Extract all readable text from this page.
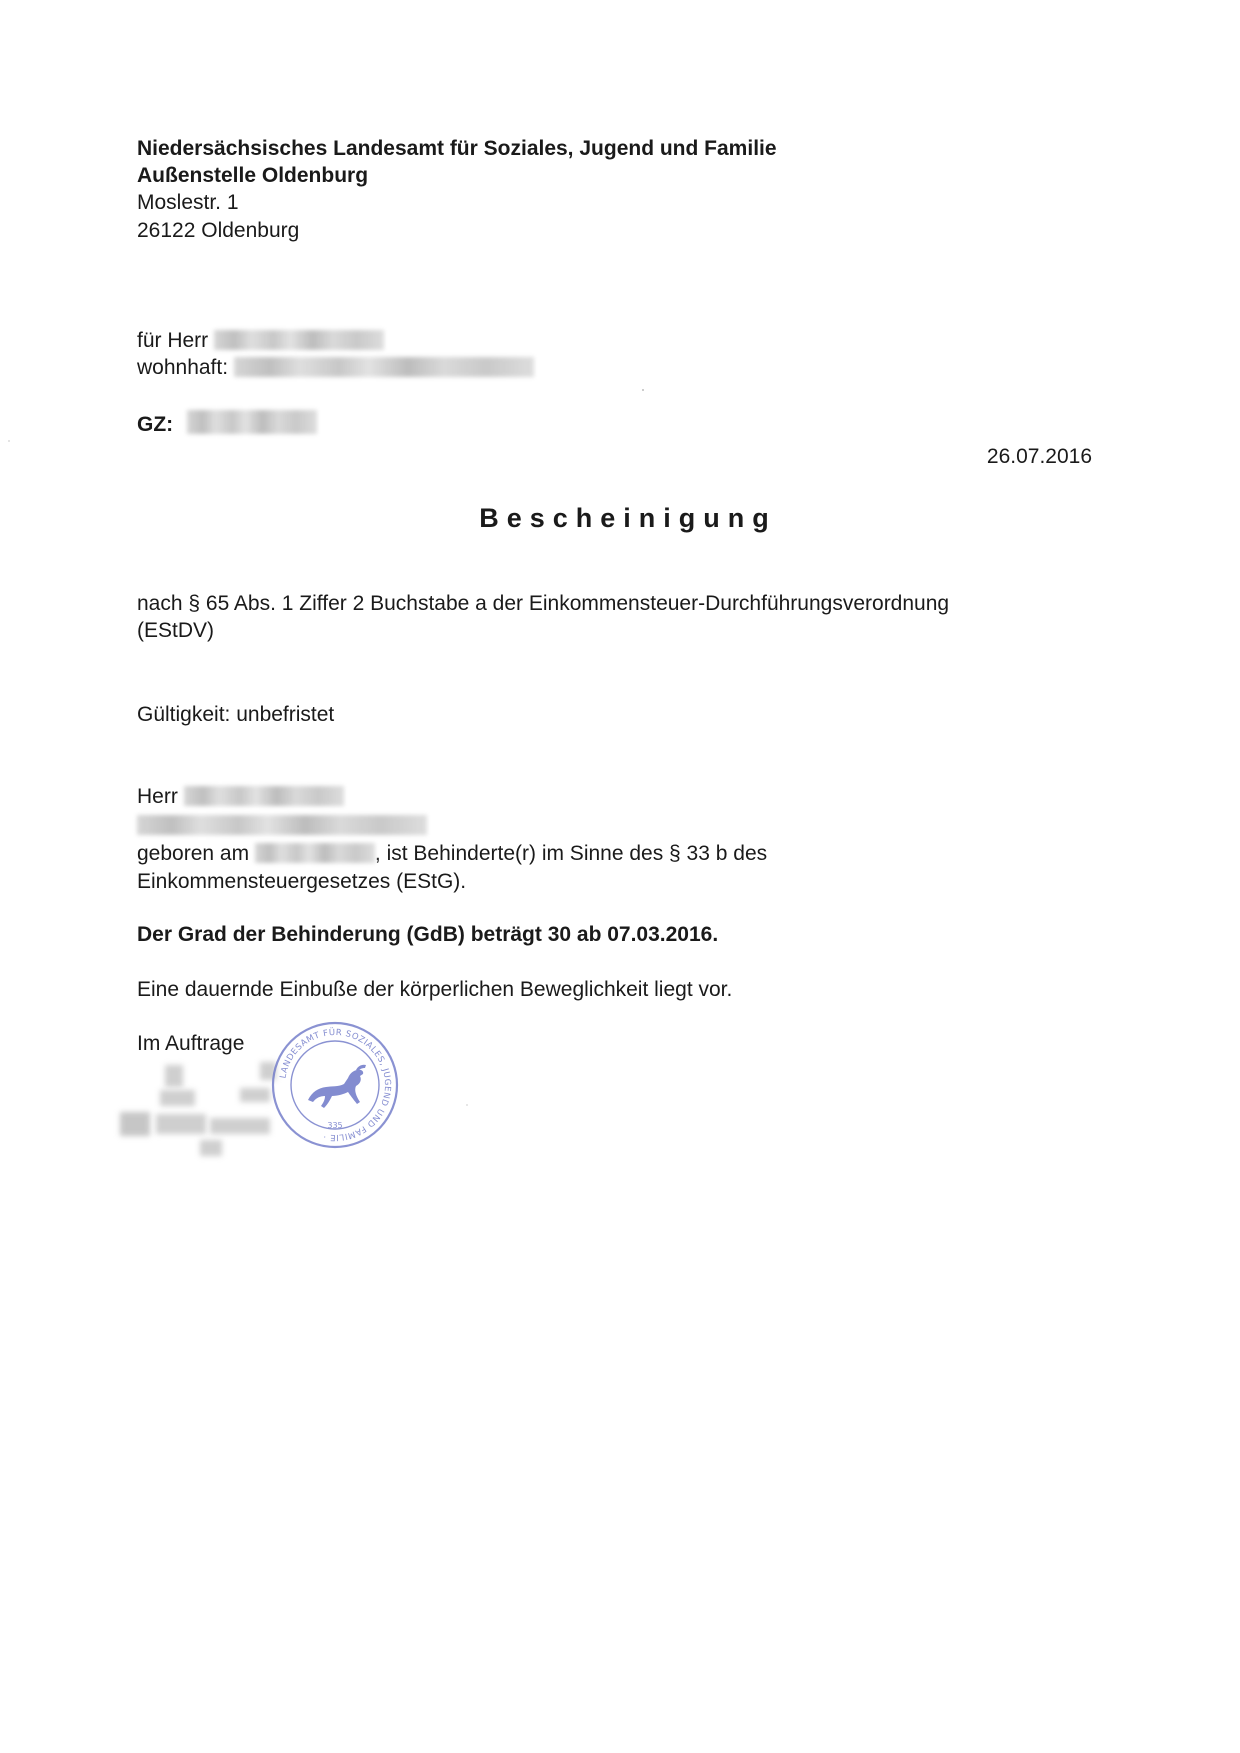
Niedersächsisches Landesamt für Soziales, Jugend und Familie
Außenstelle Oldenburg
Moslestr. 1
26122 Oldenburg
für Herr
wohnhaft:
GZ:
26.07.2016
Bescheinigung
nach § 65 Abs. 1 Ziffer 2 Buchstabe a der Einkommensteuer-Durchführungsverordnung
(EStDV)
Gültigkeit: unbefristet
Herr
geboren am	, ist Behinderte(r) im Sinne des § 33 b des
Einkommensteuergesetzes (EStG).
Der Grad der Behinderung (GdB) beträgt 30 ab 07.03.2016.
Eine dauernde Einbuße der körperlichen Beweglichkeit liegt vor.
Im Auftrage
LANDESAMT FÜR SOZIALES, JUGEND UND FAMILIE ·
335
